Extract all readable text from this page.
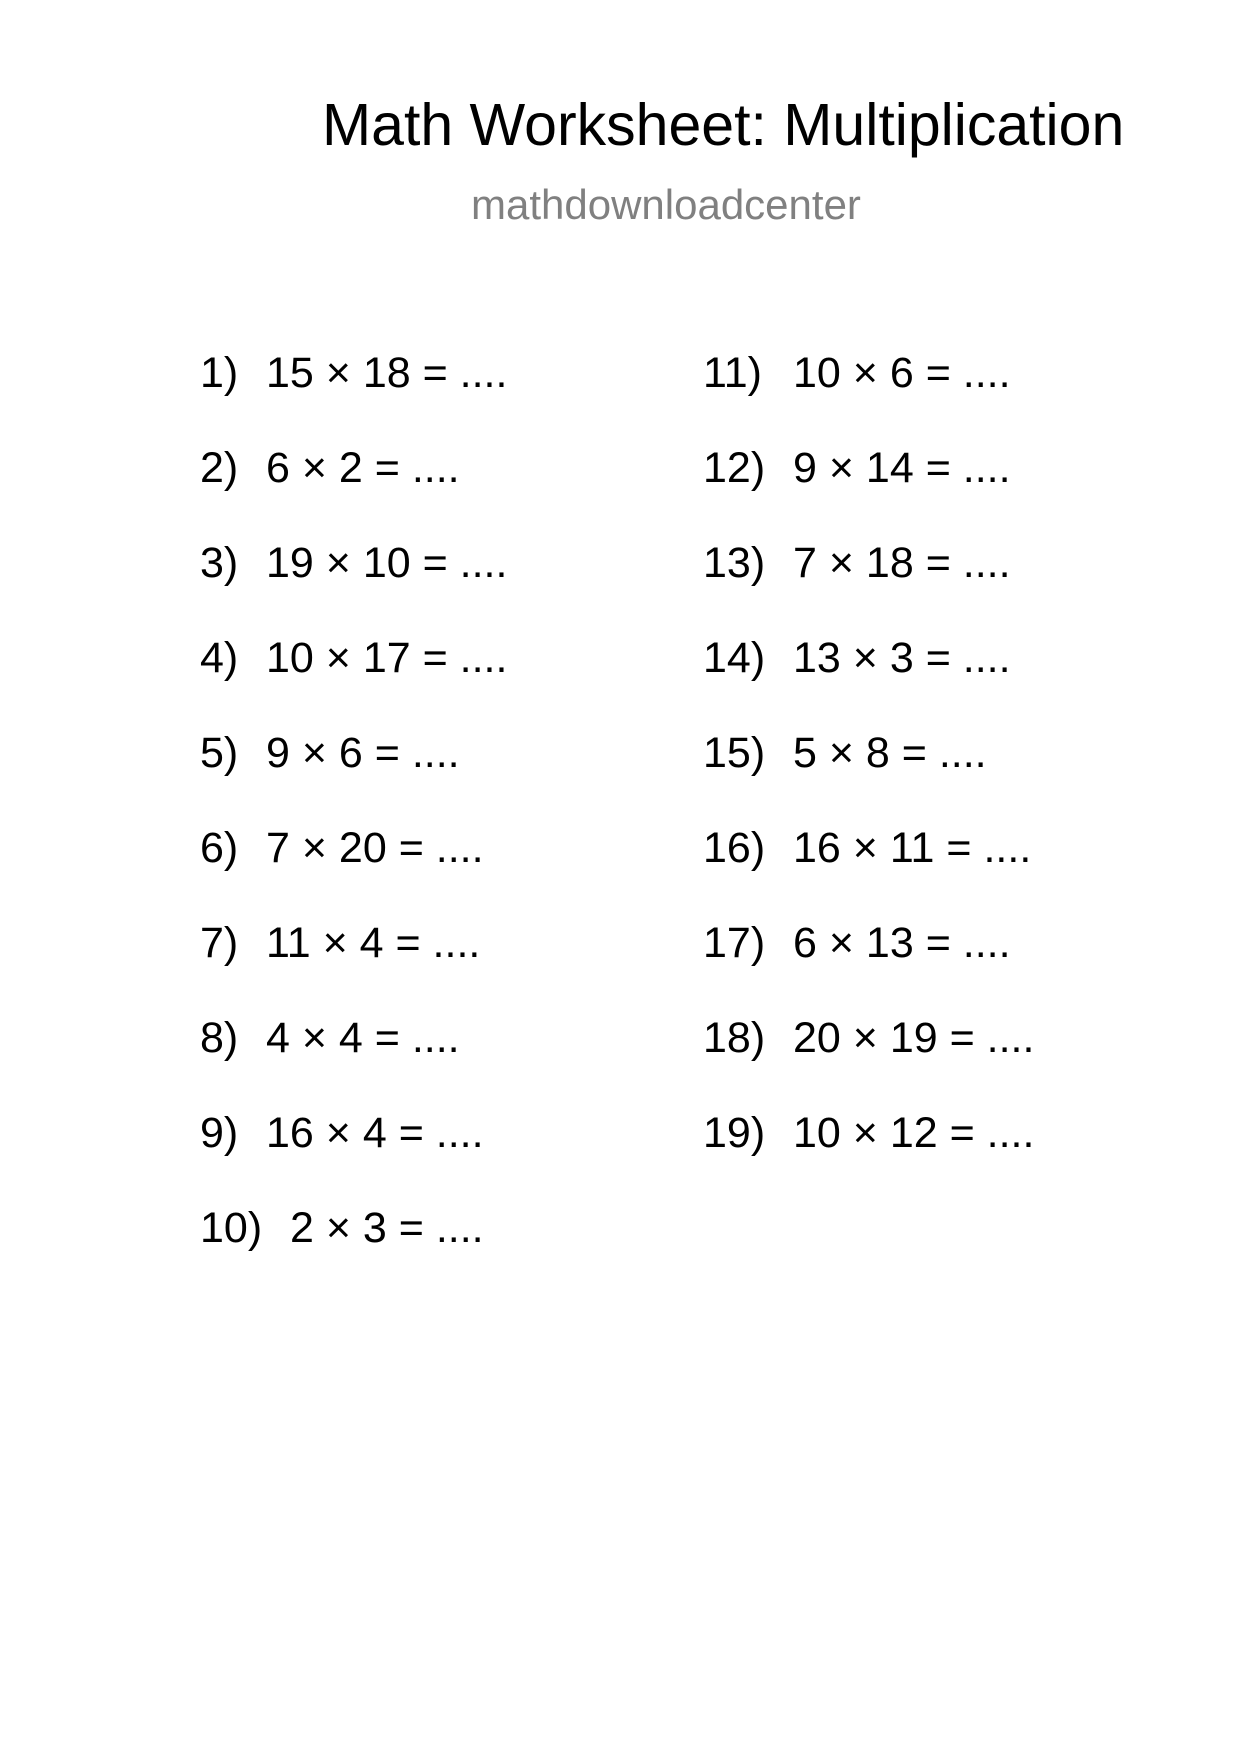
Math Worksheet: Multiplication
mathdownloadcenter
1) 15 × 18 = ....
2) 6 × 2 = ....
3) 19 × 10 = ....
4) 10 × 17 = ....
5) 9 × 6 = ....
6) 7 × 20 = ....
7) 11 × 4 = ....
8) 4 × 4 = ....
9) 16 × 4 = ....
10) 2 × 3 = ....
11) 10 × 6 = ....
12) 9 × 14 = ....
13) 7 × 18 = ....
14) 13 × 3 = ....
15) 5 × 8 = ....
16) 16 × 11 = ....
17) 6 × 13 = ....
18) 20 × 19 = ....
19) 10 × 12 = ....
